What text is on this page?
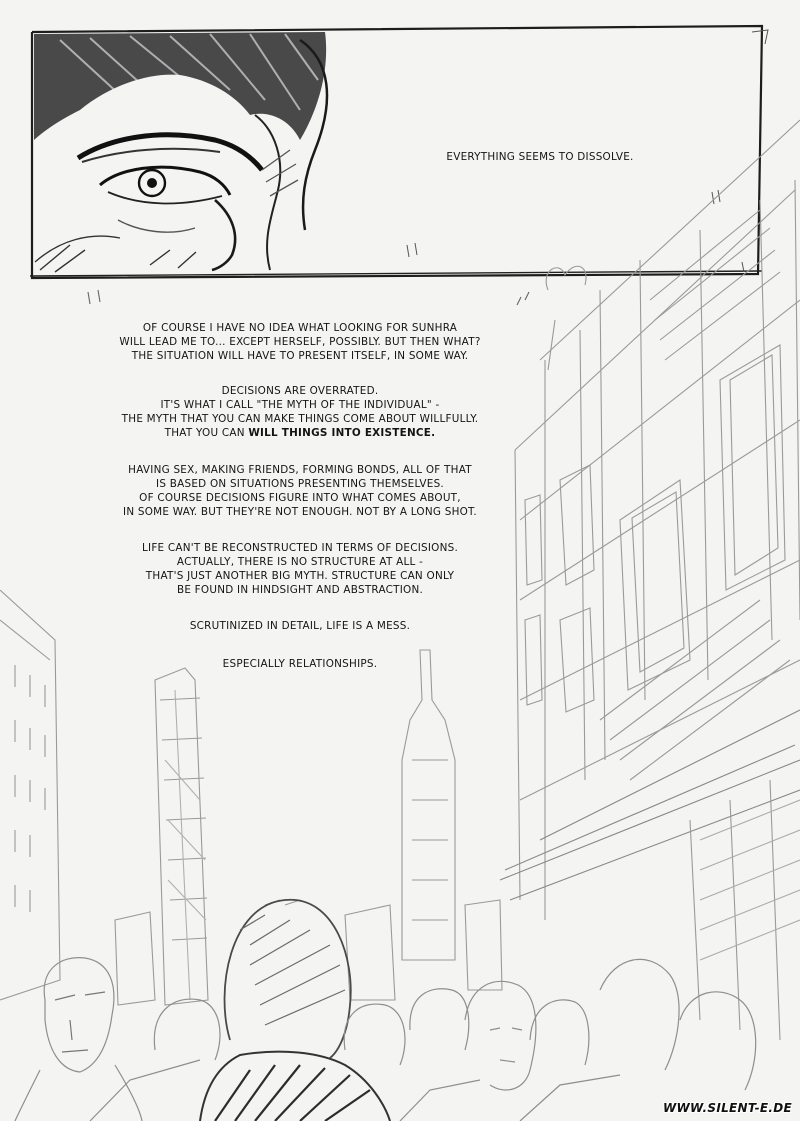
EVERYTHING SEEMS TO DISSOLVE.
OF COURSE I HAVE NO IDEA WHAT LOOKING FOR SUNHRA
WILL LEAD ME TO... EXCEPT HERSELF, POSSIBLY. BUT THEN WHAT?
THE SITUATION WILL HAVE TO PRESENT ITSELF, IN SOME WAY.
DECISIONS ARE OVERRATED.
IT'S WHAT I CALL "THE MYTH OF THE INDIVIDUAL" -
THE MYTH THAT YOU CAN MAKE THINGS COME ABOUT WILLFULLY.
THAT YOU CAN WILL THINGS INTO EXISTENCE.
HAVING SEX, MAKING FRIENDS, FORMING BONDS, ALL OF THAT
IS BASED ON SITUATIONS PRESENTING THEMSELVES.
OF COURSE DECISIONS FIGURE INTO WHAT COMES ABOUT,
IN SOME WAY. BUT THEY'RE NOT ENOUGH. NOT BY A LONG SHOT.
LIFE CAN'T BE RECONSTRUCTED IN TERMS OF DECISIONS.
ACTUALLY, THERE IS NO STRUCTURE AT ALL -
THAT'S JUST ANOTHER BIG MYTH. STRUCTURE CAN ONLY
BE FOUND IN HINDSIGHT AND ABSTRACTION.
SCRUTINIZED IN DETAIL, LIFE IS A MESS.
ESPECIALLY RELATIONSHIPS.
WWW.SILENT-E.DE
